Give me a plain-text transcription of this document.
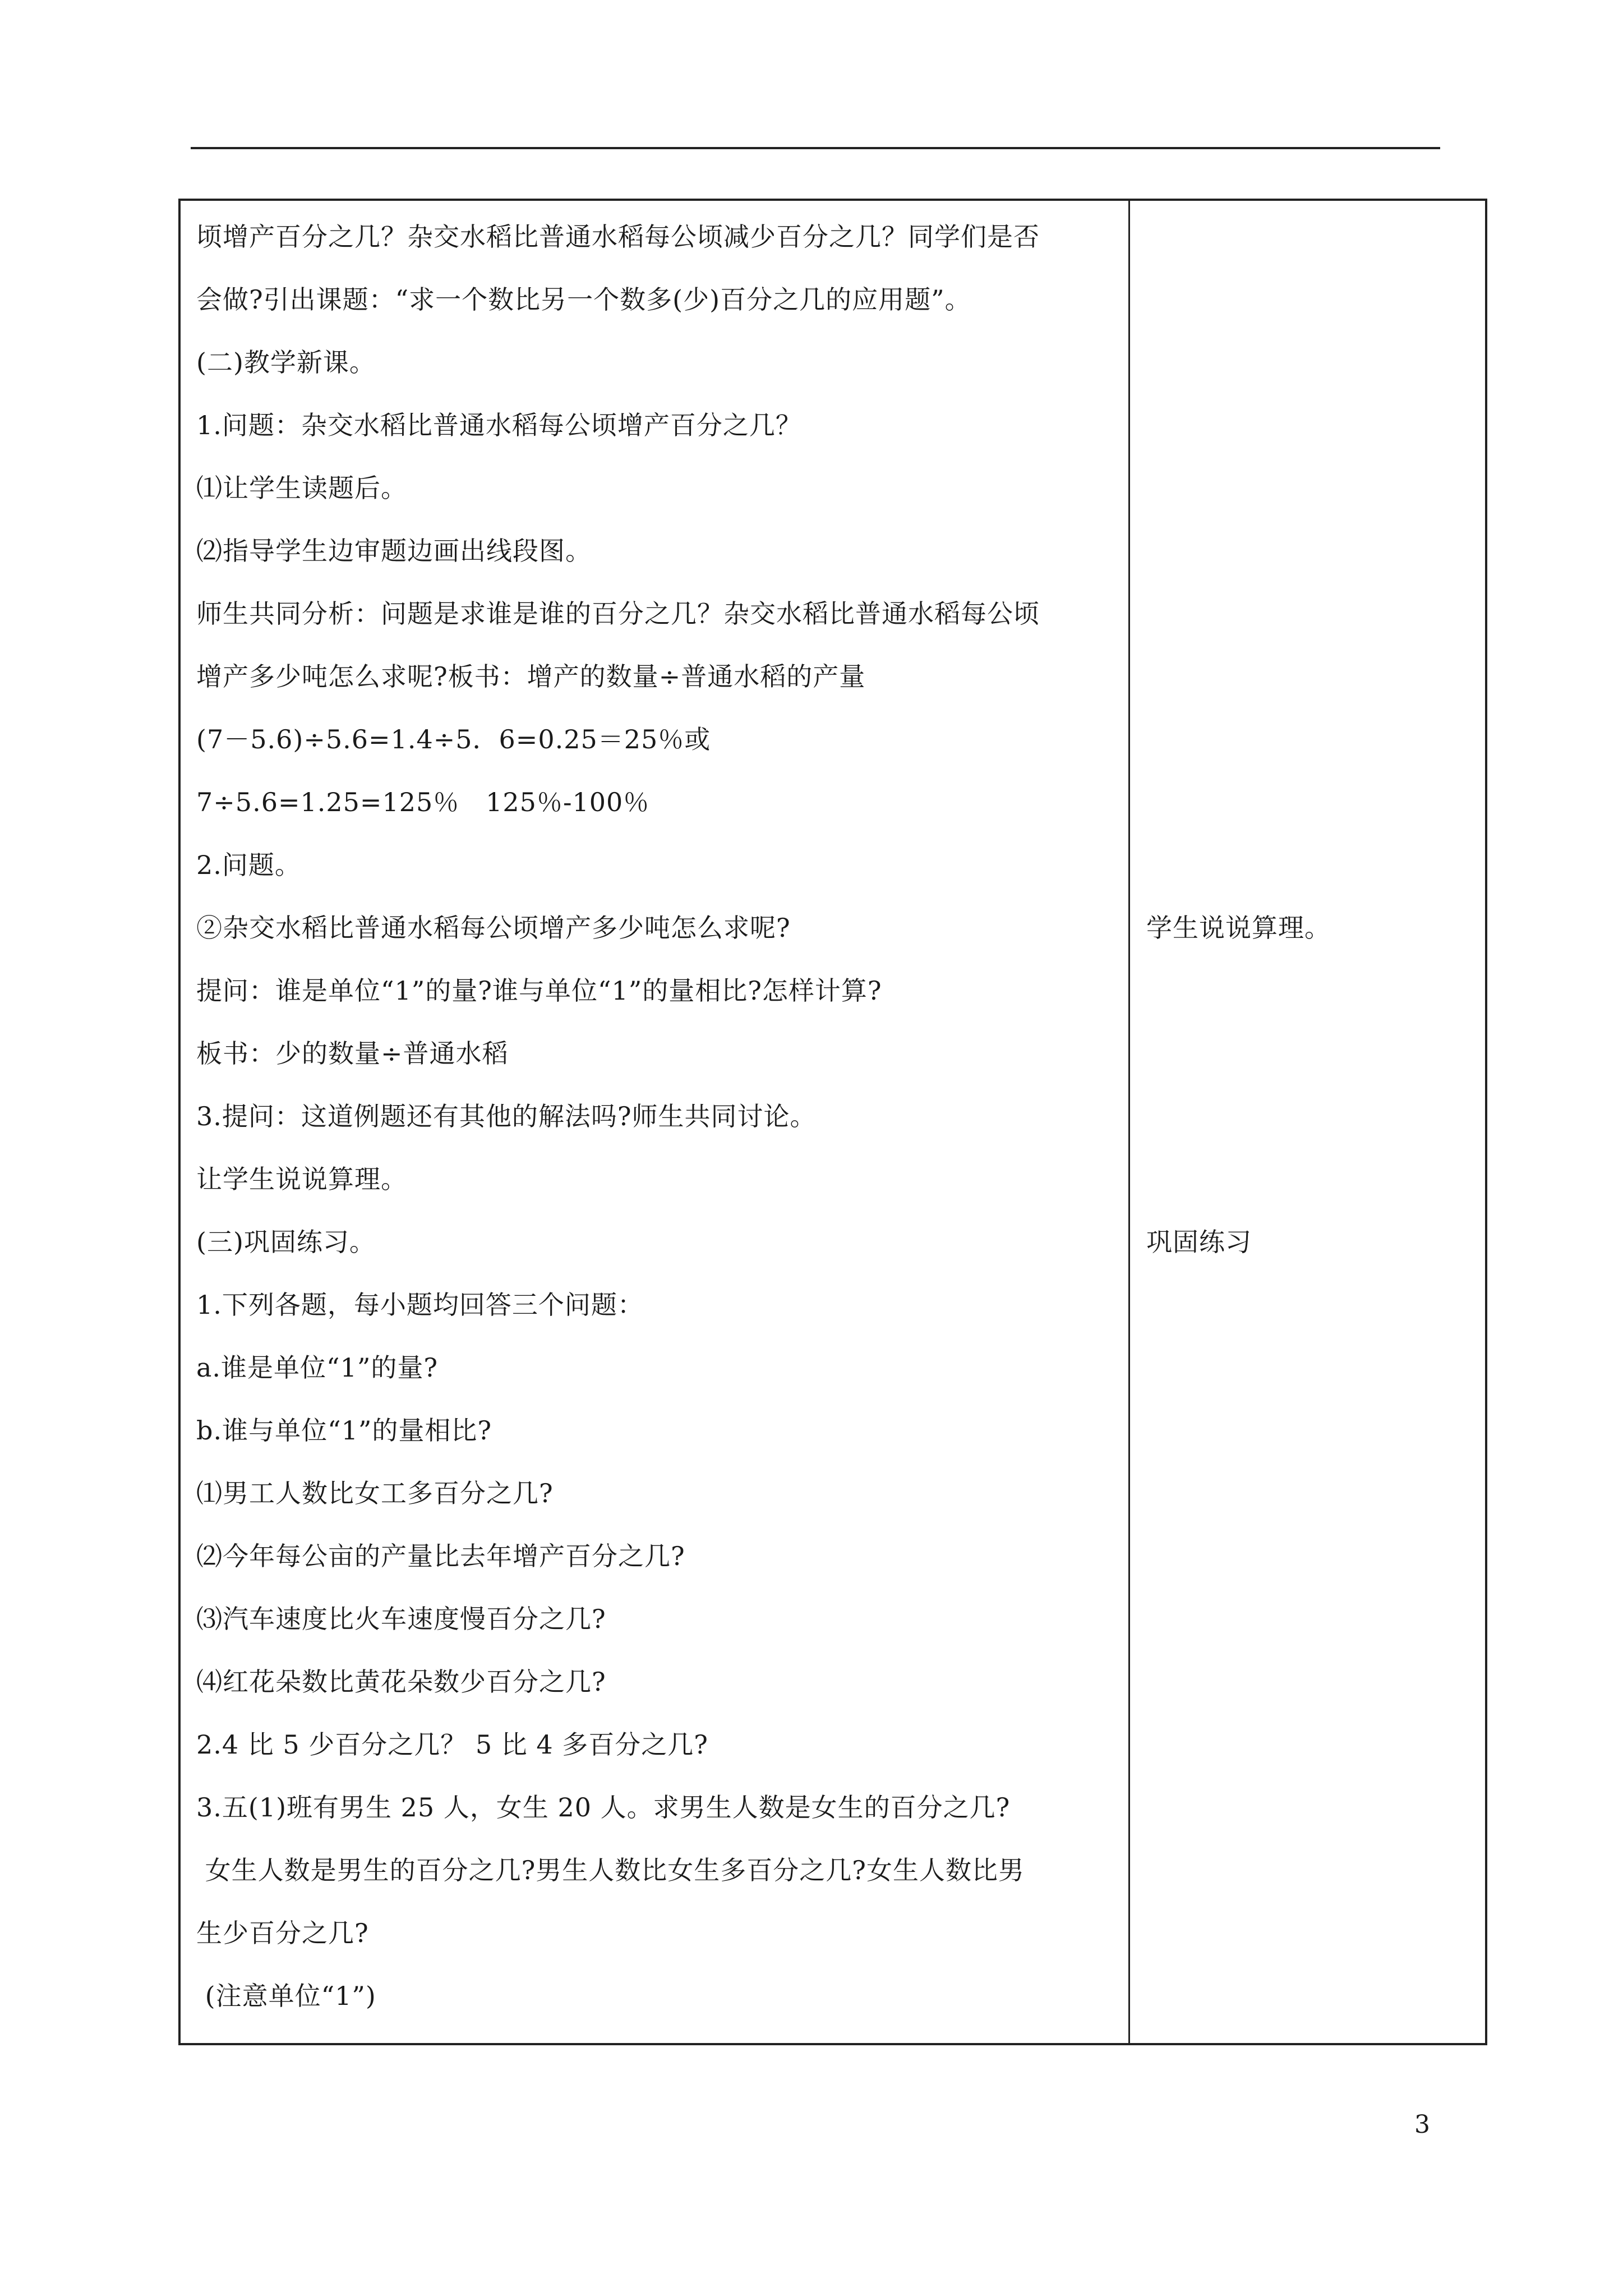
顷增产百分之几？杂交水稻比普通水稻每公顷减少百分之几？同学们是否
会做?引出课题：“求一个数比另一个数多(少)百分之几的应用题”。
(二)教学新课。
1.问题：杂交水稻比普通水稻每公顷增产百分之几？
⑴让学生读题后。
⑵指导学生边审题边画出线段图。
师生共同分析：问题是求谁是谁的百分之几？杂交水稻比普通水稻每公顷
增产多少吨怎么求呢?板书：增产的数量÷普通水稻的产量
(7－5.6)÷5.6=1.4÷5．6=0.25＝25％或
7÷5.6=1.25=125％   125％-100％
2.问题。
②杂交水稻比普通水稻每公顷增产多少吨怎么求呢?
提问：谁是单位“1”的量?谁与单位“1”的量相比?怎样计算?
板书：少的数量÷普通水稻
3.提问：这道例题还有其他的解法吗?师生共同讨论。
让学生说说算理。
(三)巩固练习。
1.下列各题，每小题均回答三个问题：
a.谁是单位“1”的量?
b.谁与单位“1”的量相比?
⑴男工人数比女工多百分之几?
⑵今年每公亩的产量比去年增产百分之几?
⑶汽车速度比火车速度慢百分之几?
⑷红花朵数比黄花朵数少百分之几?
2.4 比 5 少百分之几？ 5 比 4 多百分之几?
3.五(1)班有男生 25 人，女生 20 人。求男生人数是女生的百分之几?
女生人数是男生的百分之几?男生人数比女生多百分之几?女生人数比男
生少百分之几?
(注意单位“1”)
学生说说算理。
巩固练习
3
